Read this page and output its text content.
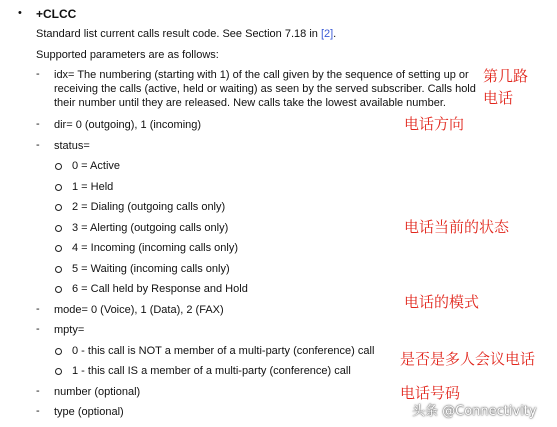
• +CLCC
Standard list current calls result code. See Section 7.18 in [2].
Supported parameters are as follows:
- idx= The numbering (starting with 1) of the call given by the sequence of setting up or
receiving the calls (active, held or waiting) as seen by the served subscriber. Calls hold
their number until they are released. New calls take the lowest available number.
- dir= 0 (outgoing), 1 (incoming)
- status=
0 = Active
1 = Held
2 = Dialing (outgoing calls only)
3 = Alerting (outgoing calls only)
4 = Incoming (incoming calls only)
5 = Waiting (incoming calls only)
6 = Call held by Response and Hold
- mode= 0 (Voice), 1 (Data), 2 (FAX)
- mpty=
0 - this call is NOT a member of a multi-party (conference) call
1 - this call IS a member of a multi-party (conference) call
- number (optional)
- type (optional)
第几路
电话
电话方向
电话当前的状态
电话的模式
是否是多人会议电话
电话号码
头条 @Connectivity
